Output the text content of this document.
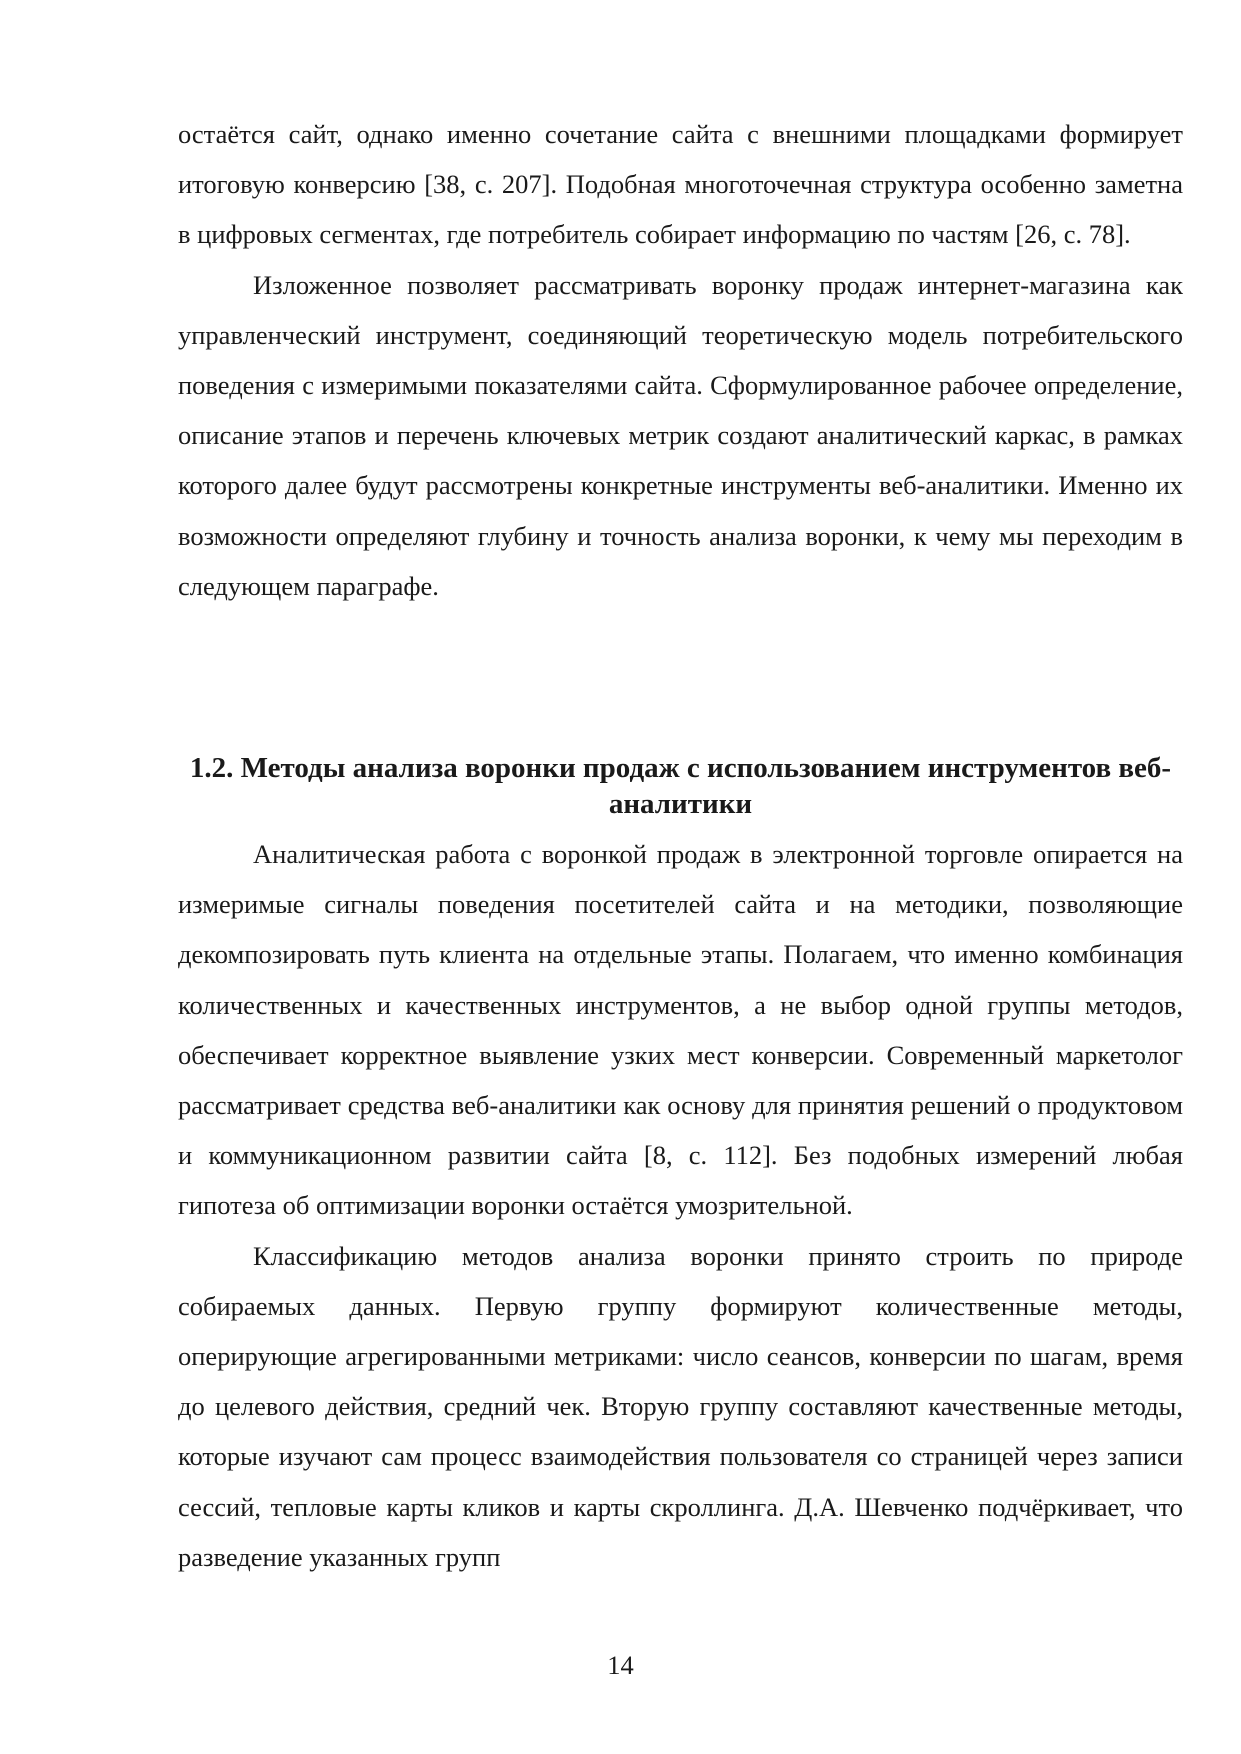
остаётся сайт, однако именно сочетание сайта с внешними площадками формирует итоговую конверсию [38, с. 207]. Подобная многоточечная структура особенно заметна в цифровых сегментах, где потребитель собирает информацию по частям [26, с. 78].

Изложенное позволяет рассматривать воронку продаж интернет-магазина как управленческий инструмент, соединяющий теоретическую модель потребительского поведения с измеримыми показателями сайта. Сформулированное рабочее определение, описание этапов и перечень ключевых метрик создают аналитический каркас, в рамках которого далее будут рассмотрены конкретные инструменты веб-аналитики. Именно их возможности определяют глубину и точность анализа воронки, к чему мы переходим в следующем параграфе.

1.2. Методы анализа воронки продаж с использованием инструментов веб-аналитики

Аналитическая работа с воронкой продаж в электронной торговле опирается на измеримые сигналы поведения посетителей сайта и на методики, позволяющие декомпозировать путь клиента на отдельные этапы. Полагаем, что именно комбинация количественных и качественных инструментов, а не выбор одной группы методов, обеспечивает корректное выявление узких мест конверсии. Современный маркетолог рассматривает средства веб-аналитики как основу для принятия решений о продуктовом и коммуникационном развитии сайта [8, с. 112]. Без подобных измерений любая гипотеза об оптимизации воронки остаётся умозрительной.

Классификацию методов анализа воронки принято строить по природе собираемых данных. Первую группу формируют количественные методы, оперирующие агрегированными метриками: число сеансов, конверсии по шагам, время до целевого действия, средний чек. Вторую группу составляют качественные методы, которые изучают сам процесс взаимодействия пользователя со страницей через записи сессий, тепловые карты кликов и карты скроллинга. Д.А. Шевченко подчёркивает, что разведение указанных групп

14
